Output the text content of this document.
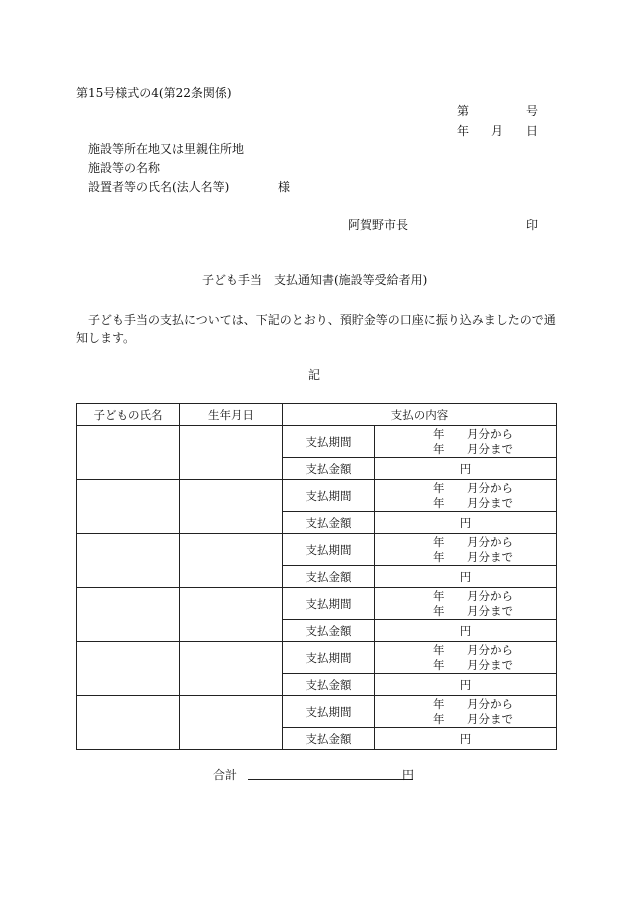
第15号様式の4(第22条関係)
第	号
年 月 日
施設等所在地又は里親住所地
施設等の名称
設置者等の氏名(法人名等)	様
阿賀野市長	印
子ども手当　支払通知書(施設等受給者用)
子ども手当の支払については、下記のとおり、預貯金等の口座に振り込みましたので通
知します。
記
子どもの氏名	生年月日	支払の内容	
		支払期間	年 月分から
年 月分まで

		支払金額	円
		支払期間	年 月分から
年 月分まで

		支払金額	円
		支払期間	年 月分から
年 月分まで

		支払金額	円
		支払期間	年 月分から
年 月分まで

		支払金額	円
		支払期間	年 月分から
年 月分まで

		支払金額	円
		支払期間	年 月分から
年 月分まで

		支払金額	円
合計	円
